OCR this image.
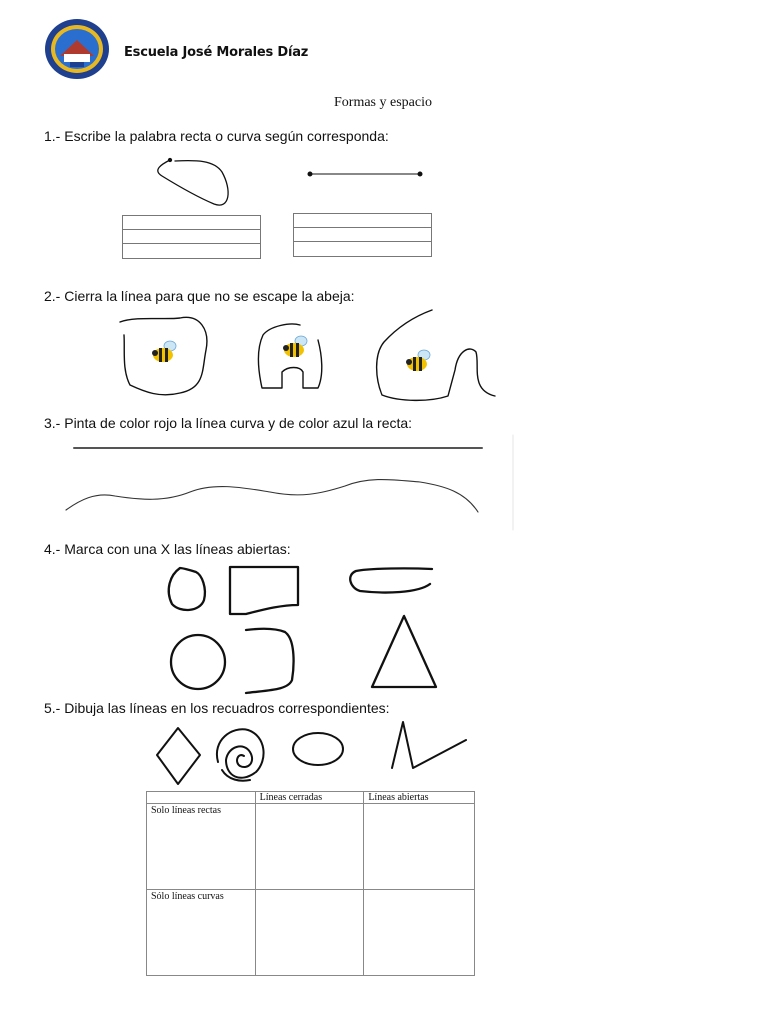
Escuela José Morales Díaz
Formas y espacio
1.- Escribe la palabra recta o curva según corresponda:
2.- Cierra la línea para que no se escape la abeja:
3.- Pinta de color rojo la línea curva y de color azul la recta:
4.- Marca con una X las líneas abiertas:
5.- Dibuja las líneas en los recuadros correspondientes:
	Líneas cerradas	Líneas abiertas
Solo líneas rectas		
Sólo líneas curvas		
